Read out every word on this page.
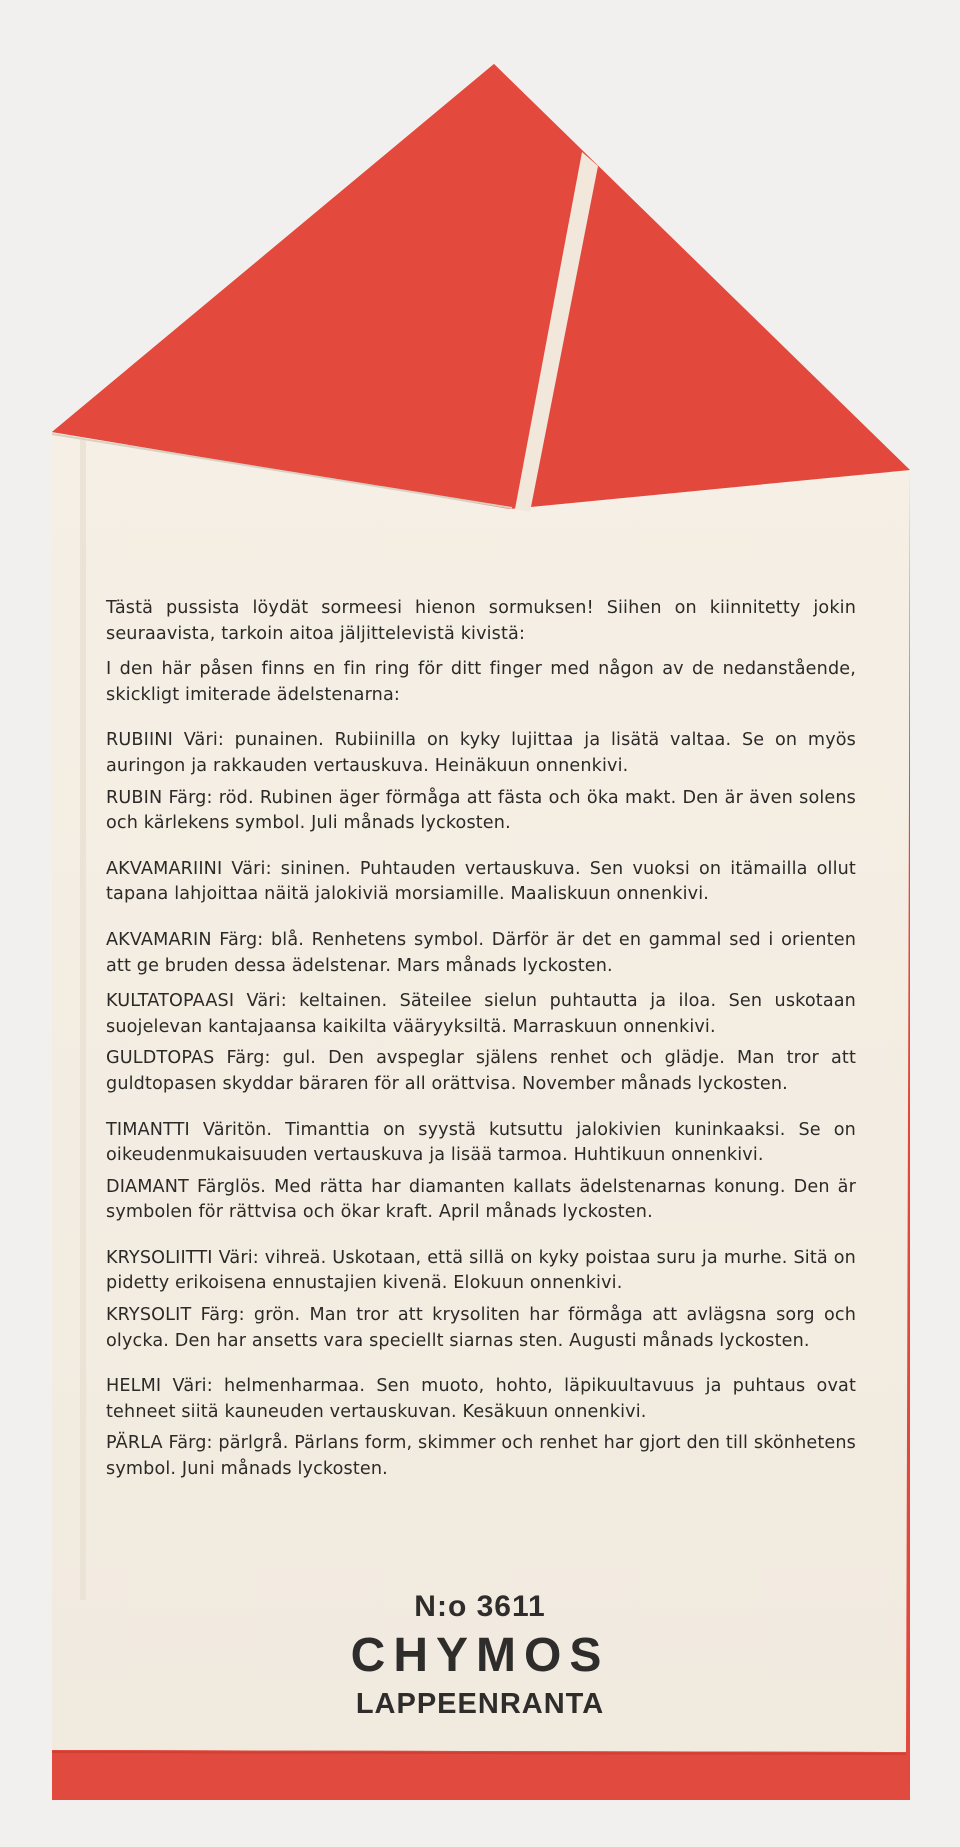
Tästä pussista löydät sormeesi hienon sormuksen! Siihen on kiinnitetty jokin seuraavista, tarkoin aitoa jäljittelevistä kivistä:

I den här påsen finns en fin ring för ditt finger med någon av de nedanstående, skickligt imiterade ädelstenarna:

RUBIINI Väri: punainen. Rubiinilla on kyky lujittaa ja lisätä valtaa. Se on myös auringon ja rakkauden vertauskuva. Heinäkuun onnenkivi.

RUBIN Färg: röd. Rubinen äger förmåga att fästa och öka makt. Den är även solens och kärlekens symbol. Juli månads lyckosten.

AKVAMARIINI Väri: sininen. Puhtauden vertauskuva. Sen vuoksi on itämailla ollut tapana lahjoittaa näitä jalokiviä morsiamille. Maaliskuun onnenkivi.

AKVAMARIN Färg: blå. Renhetens symbol. Därför är det en gammal sed i orienten att ge bruden dessa ädelstenar. Mars månads lyckosten.

KULTATOPAASI Väri: keltainen. Säteilee sielun puhtautta ja iloa. Sen uskotaan suojelevan kantajaansa kaikilta vääryyksiltä. Marraskuun onnenkivi.

GULDTOPAS Färg: gul. Den avspeglar själens renhet och glädje. Man tror att guldtopasen skyddar bäraren för all orättvisa. November månads lyckosten.

TIMANTTI Väritön. Timanttia on syystä kutsuttu jalokivien kuninkaaksi. Se on oikeudenmukaisuuden vertauskuva ja lisää tarmoa. Huhtikuun onnenkivi.

DIAMANT Färglös. Med rätta har diamanten kallats ädelstenarnas konung. Den är symbolen för rättvisa och ökar kraft. April månads lyckosten.

KRYSOLIITTI Väri: vihreä. Uskotaan, että sillä on kyky poistaa suru ja murhe. Sitä on pidetty erikoisena ennustajien kivenä. Elokuun onnenkivi.

KRYSOLIT Färg: grön. Man tror att krysoliten har förmåga att avlägsna sorg och olycka. Den har ansetts vara speciellt siarnas sten. Augusti månads lyckosten.

HELMI Väri: helmenharmaa. Sen muoto, hohto, läpikuultavuus ja puhtaus ovat tehneet siitä kauneuden vertauskuvan. Kesäkuun onnenkivi.

PÄRLA Färg: pärlgrå. Pärlans form, skimmer och renhet har gjort den till skönhetens symbol. Juni månads lyckosten.

N:o 3611
CHYMOS
LAPPEENRANTA
